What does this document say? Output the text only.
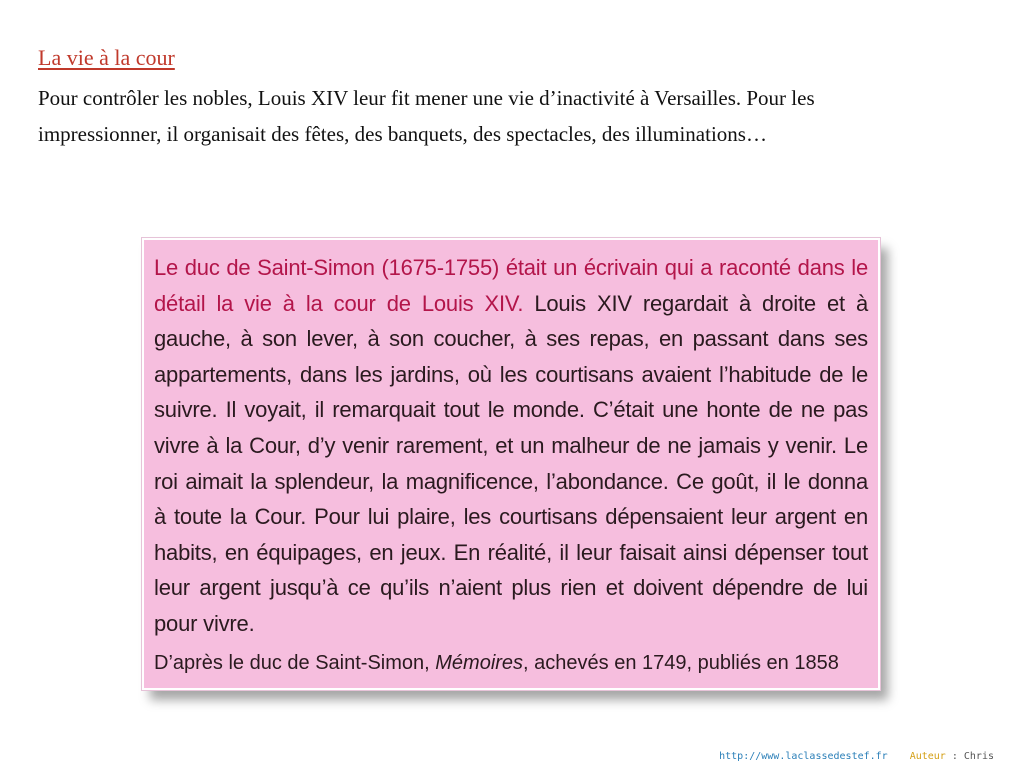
La vie à la cour
Pour contrôler les nobles, Louis XIV leur fit mener une vie d’inactivité à Versailles. Pour les
impressionner, il organisait des fêtes, des banquets, des spectacles, des illuminations…
Le duc de Saint-Simon (1675-1755) était un écrivain qui a raconté dans le détail la vie à la cour de Louis XIV. Louis XIV regardait à droite et à gauche, à son lever, à son coucher, à ses repas, en passant dans ses appartements, dans les jardins, où les courtisans avaient l’habitude de le suivre. Il voyait, il remarquait tout le monde. C’était une honte de ne pas vivre à la Cour, d’y venir rarement, et un malheur de ne jamais y venir. Le roi aimait la splendeur, la magnificence, l’abondance. Ce goût, il le donna à toute la Cour. Pour lui plaire, les courtisans dépensaient leur argent en habits, en équipages, en jeux. En réalité, il leur faisait ainsi dépenser tout leur argent jusqu’à ce qu’ils n’aient plus rien et doivent dépendre de lui pour vivre.
D’après le duc de Saint-Simon, Mémoires, achevés en 1749, publiés en 1858
http://www.laclassedestef.fr Auteur : Chris
